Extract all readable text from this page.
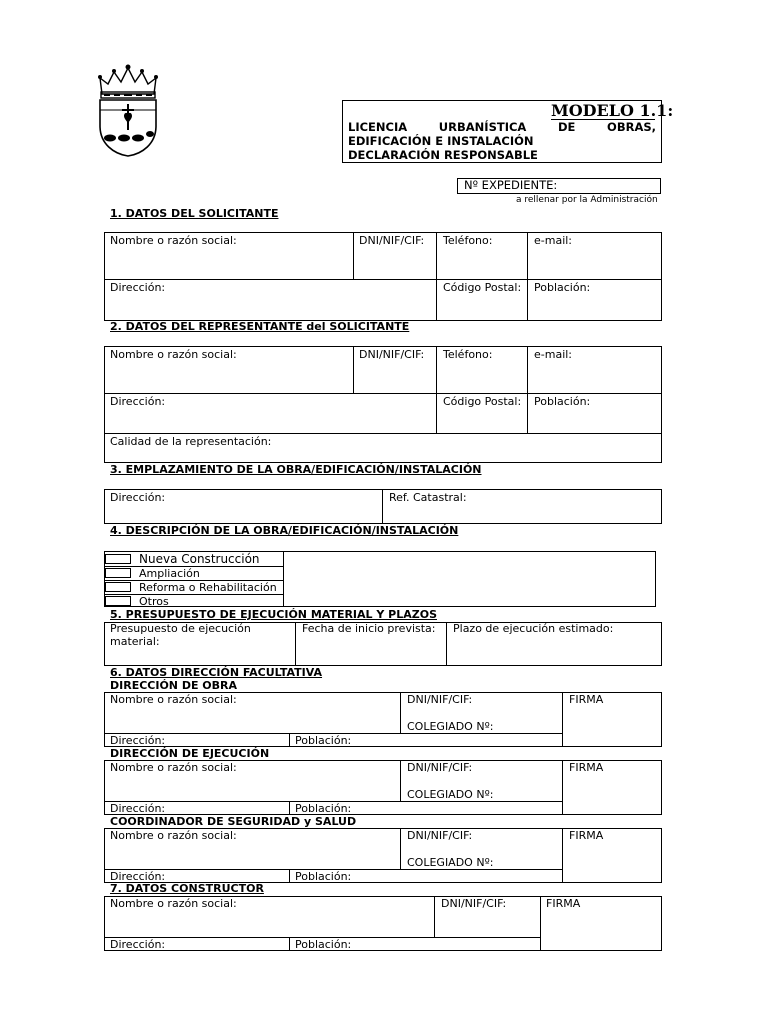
MODELO 1.1:
LICENCIA URBANÍSTICA DE OBRAS,
EDIFICACIÓN E INSTALACIÓN
DECLARACIÓN RESPONSABLE
Nº EXPEDIENTE:
a rellenar por la Administración
1. DATOS DEL SOLICITANTE
Nombre o razón social:	DNI/NIF/CIF: Teléfono:	e-mail:
Dirección:	Código Postal: Población:
2. DATOS DEL REPRESENTANTE del SOLICITANTE
Nombre o razón social:	DNI/NIF/CIF: Teléfono:	e-mail:
Dirección:	Código Postal: Población:
Calidad de la representación:
3. EMPLAZAMIENTO DE LA OBRA/EDIFICACIÓN/INSTALACIÓN
Dirección:	Ref. Catastral:
4. DESCRIPCIÓN DE LA OBRA/EDIFICACIÓN/INSTALACIÓN
Nueva Construcción
Ampliación
Reforma o Rehabilitación
Otros
5. PRESUPUESTO DE EJECUCIÓN MATERIAL Y PLAZOS
Presupuesto de ejecución material:
Fecha de inicio prevista: Plazo de ejecución estimado:
6. DATOS DIRECCIÓN FACULTATIVA
DIRECCIÓN DE OBRA
Nombre o razón social:	DNI/NIF/CIF:
COLEGIADO Nº:
FIRMA
Dirección:	Población:
DIRECCIÓN DE EJECUCIÓN
Nombre o razón social:	DNI/NIF/CIF:
COLEGIADO Nº:
FIRMA
Dirección:	Población:
COORDINADOR DE SEGURIDAD y SALUD
Nombre o razón social:	DNI/NIF/CIF:
COLEGIADO Nº:
FIRMA
Dirección:	Población:
7. DATOS CONSTRUCTOR
Nombre o razón social:	DNI/NIF/CIF:	FIRMA
Dirección:	Población:
